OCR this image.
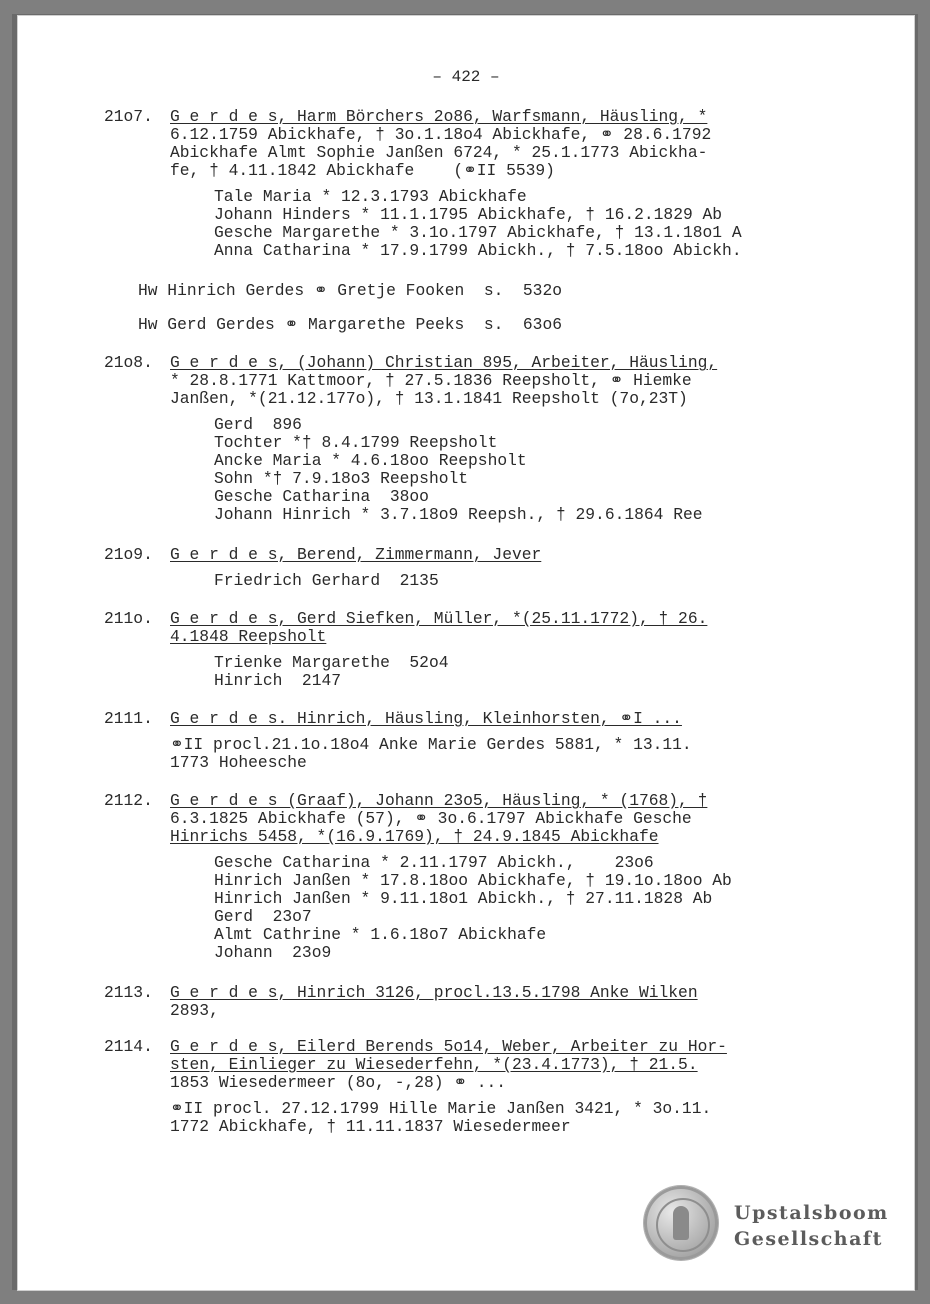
– 422 –
21o7. G e r d e s, Harm Börchers 2o86, Warfsmann, Häusling, *
6.12.1759 Abickhafe, † 3o.1.18o4 Abickhafe, ⚭ 28.6.1792
Abickhafe Almt Sophie Janßen 6724, * 25.1.1773 Abickha-
fe, † 4.11.1842 Abickhafe    (⚭II 5539)
Tale Maria * 12.3.1793 Abickhafe
Johann Hinders * 11.1.1795 Abickhafe, † 16.2.1829 Ab
Gesche Margarethe * 3.1o.1797 Abickhafe, † 13.1.18o1 A
Anna Catharina * 17.9.1799 Abickh., † 7.5.18oo Abickh.
Hw Hinrich Gerdes ⚭ Gretje Fooken  s.  532o
Hw Gerd Gerdes ⚭ Margarethe Peeks  s.  63o6
21o8. G e r d e s, (Johann) Christian 895, Arbeiter, Häusling,
* 28.8.1771 Kattmoor, † 27.5.1836 Reepsholt, ⚭ Hiemke
Janßen, *(21.12.177o), † 13.1.1841 Reepsholt (7o,23T)
Gerd  896
Tochter *† 8.4.1799 Reepsholt
Ancke Maria * 4.6.18oo Reepsholt
Sohn *† 7.9.18o3 Reepsholt
Gesche Catharina  38oo
Johann Hinrich * 3.7.18o9 Reepsh., † 29.6.1864 Ree
21o9. G e r d e s, Berend, Zimmermann, Jever
Friedrich Gerhard  2135
211o. G e r d e s, Gerd Siefken, Müller, *(25.11.1772), † 26.
4.1848 Reepsholt
Trienke Margarethe  52o4
Hinrich  2147
2111. G e r d e s. Hinrich, Häusling, Kleinhorsten, ⚭I ...
⚭II procl.21.1o.18o4 Anke Marie Gerdes 5881, * 13.11.
1773 Hoheesche
2112. G e r d e s (Graaf), Johann 23o5, Häusling, * (1768), †
6.3.1825 Abickhafe (57), ⚭ 3o.6.1797 Abickhafe Gesche
Hinrichs 5458, *(16.9.1769), † 24.9.1845 Abickhafe
Gesche Catharina * 2.11.1797 Abickh.,    23o6
Hinrich Janßen * 17.8.18oo Abickhafe, † 19.1o.18oo Ab
Hinrich Janßen * 9.11.18o1 Abickh., † 27.11.1828 Ab
Gerd  23o7
Almt Cathrine * 1.6.18o7 Abickhafe
Johann  23o9
2113. G e r d e s, Hinrich 3126, procl.13.5.1798 Anke Wilken
2893,
2114. G e r d e s, Eilerd Berends 5o14, Weber, Arbeiter zu Hor-
sten, Einlieger zu Wiesederfehn, *(23.4.1773), † 21.5.
1853 Wiesedermeer (8o, -,28) ⚭ ...
⚭II procl. 27.12.1799 Hille Marie Janßen 3421, * 3o.11.
1772 Abickhafe, † 11.11.1837 Wiesedermeer
Upstalsboom
Gesellschaft
